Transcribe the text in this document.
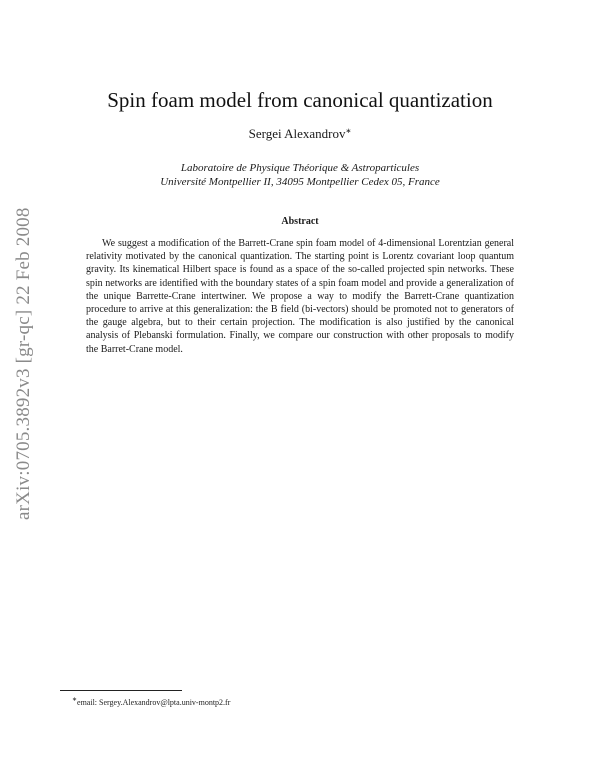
arXiv:0705.3892v3 [gr-qc] 22 Feb 2008
Spin foam model from canonical quantization
Sergei Alexandrov∗
Laboratoire de Physique Théorique & Astroparticules
Université Montpellier II, 34095 Montpellier Cedex 05, France
Abstract
We suggest a modification of the Barrett-Crane spin foam model of 4-dimensional Lorentzian general relativity motivated by the canonical quantization. The starting point is Lorentz covariant loop quantum gravity. Its kinematical Hilbert space is found as a space of the so-called projected spin networks. These spin networks are identified with the boundary states of a spin foam model and provide a generalization of the unique Barrette-Crane intertwiner. We propose a way to modify the Barrett-Crane quantization procedure to arrive at this generalization: the B field (bi-vectors) should be promoted not to generators of the gauge algebra, but to their certain projection. The modification is also justified by the canonical analysis of Plebanski formulation. Finally, we compare our construction with other proposals to modify the Barret-Crane model.
∗email: Sergey.Alexandrov@lpta.univ-montp2.fr
